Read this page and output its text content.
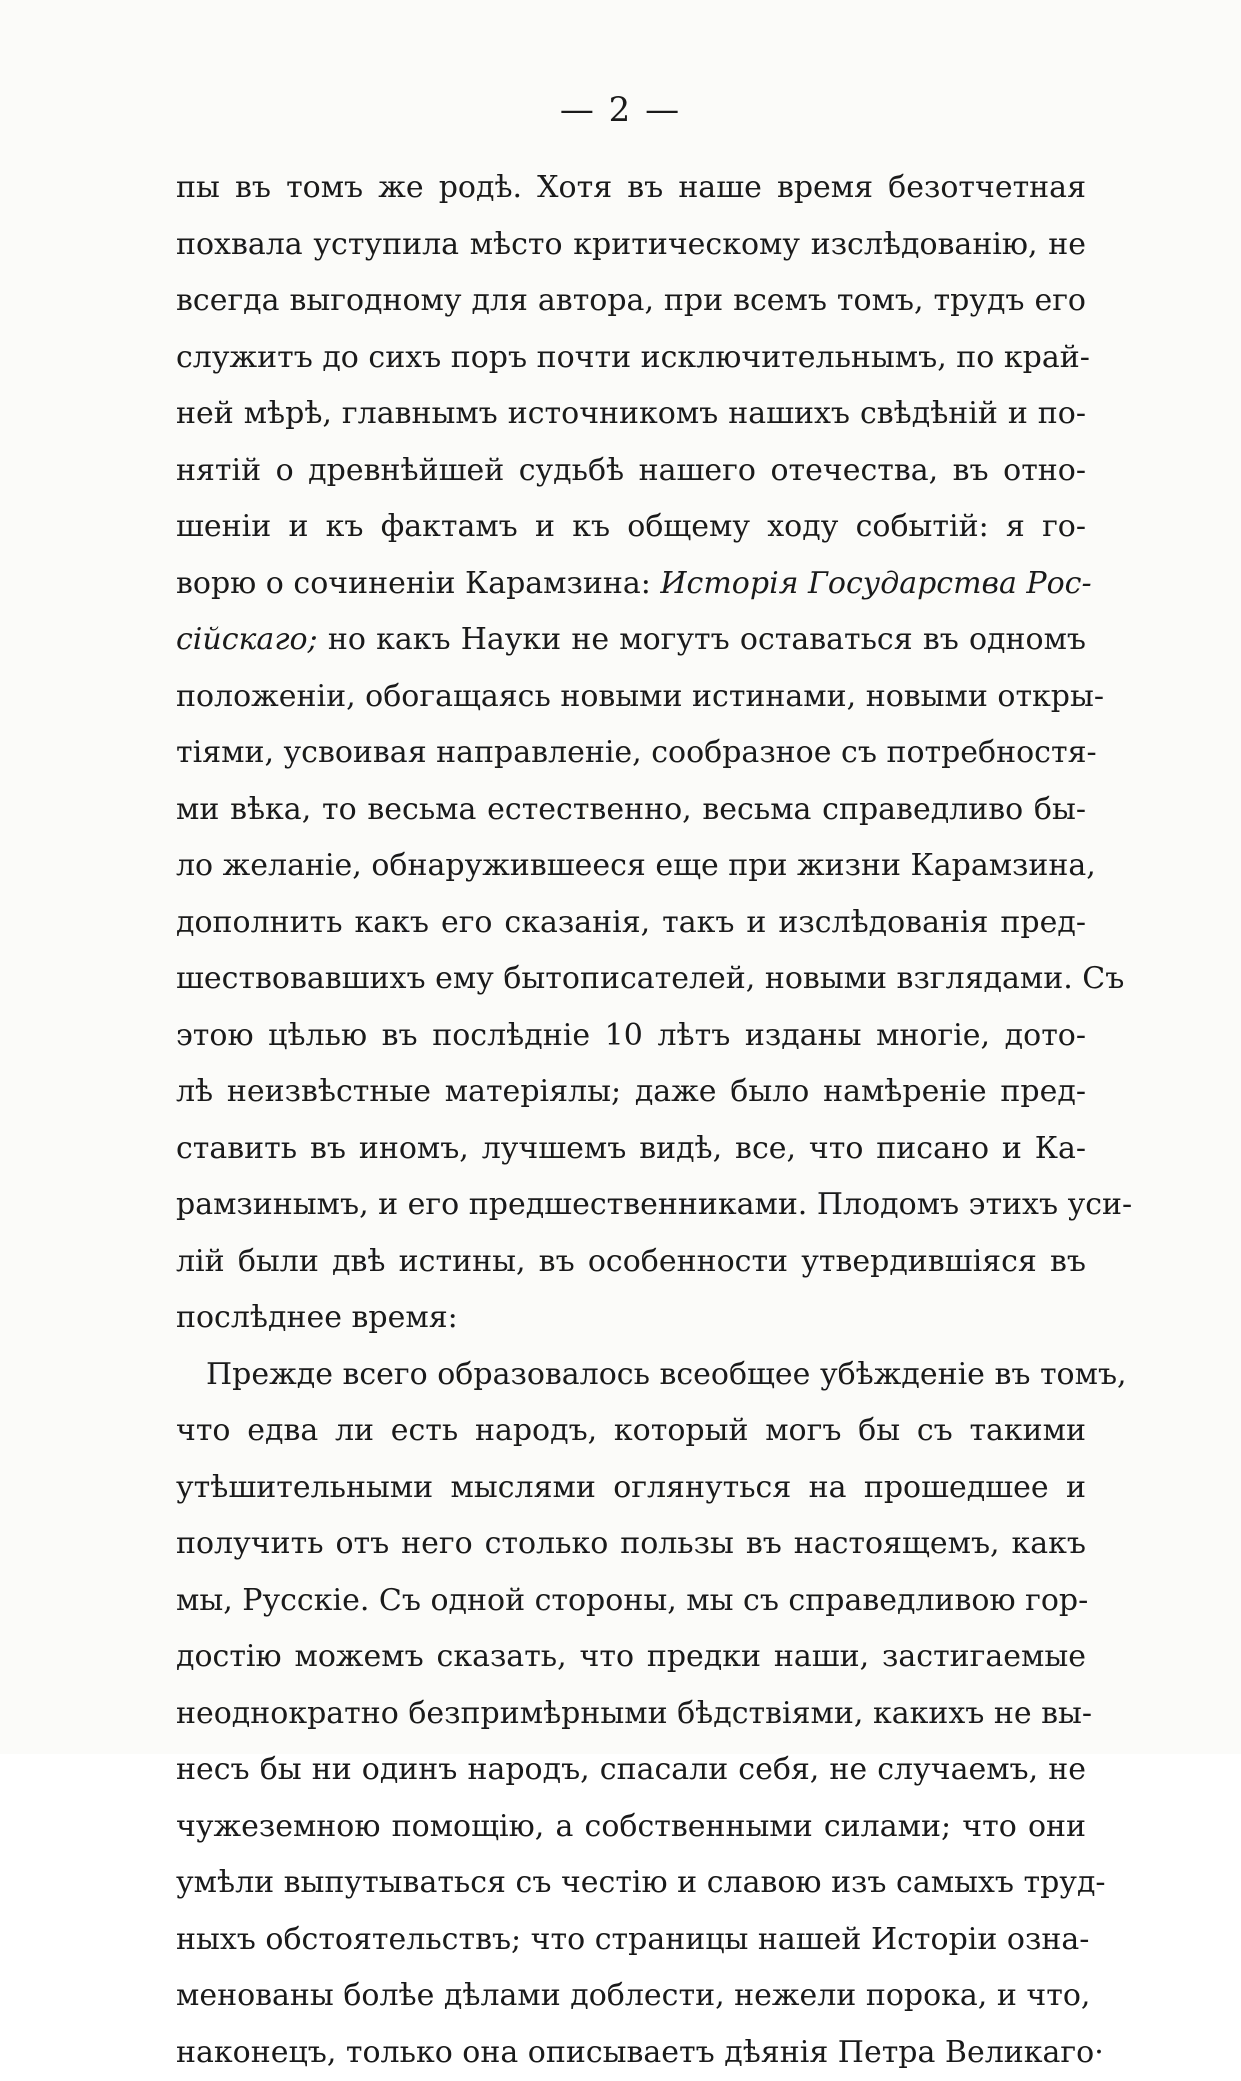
— 2 —
пы въ томъ же родѣ. Хотя въ наше время безотчетная
похвала уступила мѣсто критическому изслѣдованію, не
всегда выгодному для автора, при всемъ томъ, трудъ его
служитъ до сихъ поръ почти исключительнымъ, по край-
ней мѣрѣ, главнымъ источникомъ нашихъ свѣдѣній и по-
нятій о древнѣйшей судьбѣ нашего отечества, въ отно-
шеніи и къ фактамъ и къ общему ходу событій: я го-
ворю о сочиненіи Карамзина: Исторія Государства Рос-
сійскаго; но какъ Науки не могутъ оставаться въ одномъ
положеніи, обогащаясь новыми истинами, новыми откры-
тіями, усвоивая направленіе, сообразное съ потребностя-
ми вѣка, то весьма естественно, весьма справедливо бы-
ло желаніе, обнаружившееся еще при жизни Карамзина,
дополнить какъ его сказанія, такъ и изслѣдованія пред-
шествовавшихъ ему бытописателей, новыми взглядами. Съ
этою цѣлью въ послѣдніе 10 лѣтъ изданы многіе, дото-
лѣ неизвѣстные матеріялы; даже было намѣреніе пред-
ставить въ иномъ, лучшемъ видѣ, все, что писано и Ка-
рамзинымъ, и его предшественниками. Плодомъ этихъ уси-
лій были двѣ истины, въ особенности утвердившіяся въ
послѣднее время:
Прежде всего образовалось всеобщее убѣжденіе въ томъ,
что едва ли есть народъ, который могъ бы съ такими
утѣшительными мыслями оглянуться на прошедшее и
получить отъ него столько пользы въ настоящемъ, какъ
мы, Русскіе. Съ одной стороны, мы съ справедливою гор-
достію можемъ сказать, что предки наши, застигаемые
неоднократно безпримѣрными бѣдствіями, какихъ не вы-
несъ бы ни одинъ народъ, спасали себя, не случаемъ, не
чужеземною помощію, а собственными силами; что они
умѣли выпутываться съ честію и славою изъ самыхъ труд-
ныхъ обстоятельствъ; что страницы нашей Исторіи озна-
менованы болѣе дѣлами доблести, нежели порока, и что,
наконецъ, только она описываетъ дѣянія Петра Великаго·
